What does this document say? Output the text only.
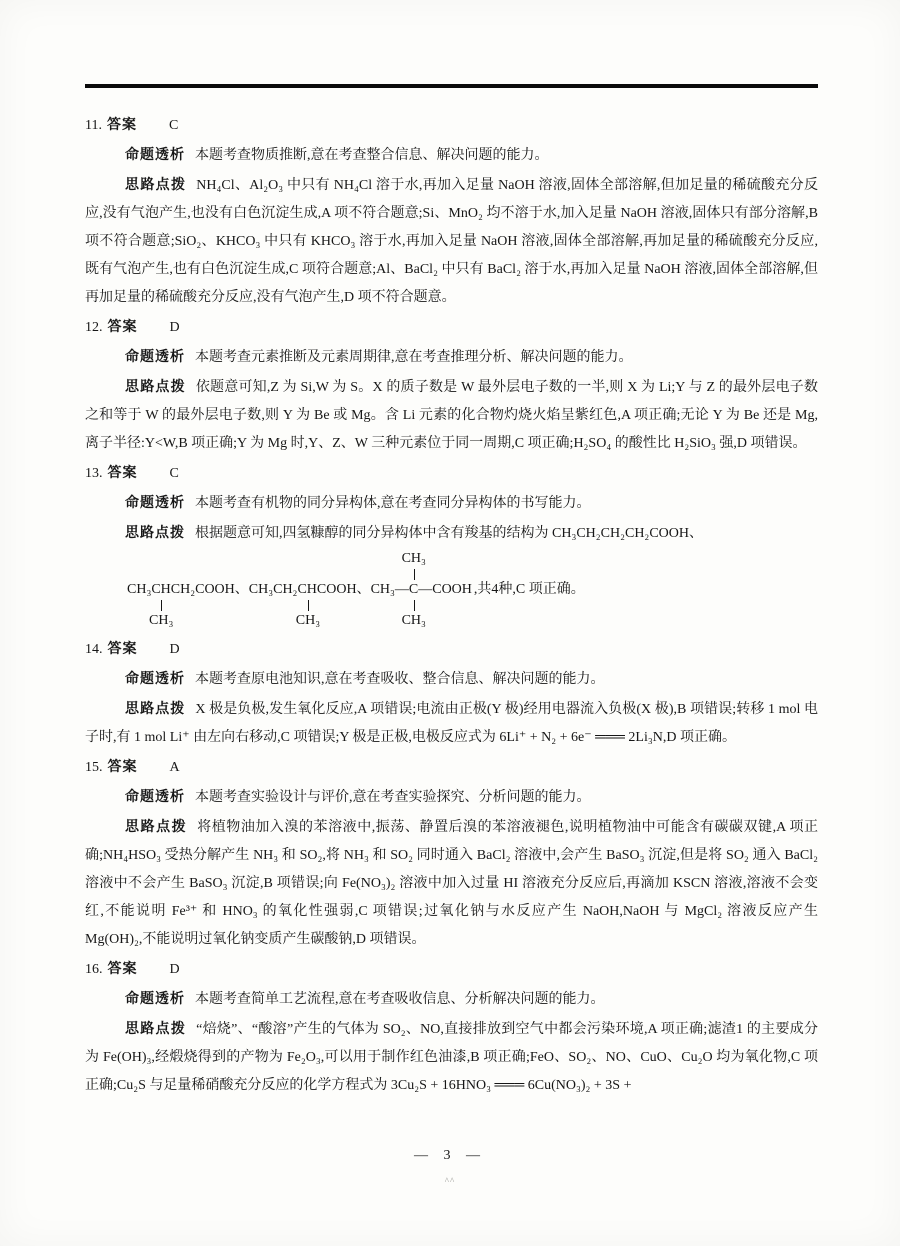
11. 答案 C

命题透析 本题考查物质推断,意在考查整合信息、解决问题的能力。

思路点拨 NH₄Cl、Al₂O₃ 中只有 NH₄Cl 溶于水,再加入足量 NaOH 溶液,固体全部溶解,但加足量的稀硫酸充分反应,没有气泡产生,也没有白色沉淀生成,A 项不符合题意;Si、MnO₂ 均不溶于水,加入足量 NaOH 溶液,固体只有部分溶解,B 项不符合题意;SiO₂、KHCO₃ 中只有 KHCO₃ 溶于水,再加入足量 NaOH 溶液,固体全部溶解,再加足量的稀硫酸充分反应,既有气泡产生,也有白色沉淀生成,C 项符合题意;Al、BaCl₂ 中只有 BaCl₂ 溶于水,再加入足量 NaOH 溶液,固体全部溶解,但再加足量的稀硫酸充分反应,没有气泡产生,D 项不符合题意。

12. 答案 D

命题透析 本题考查元素推断及元素周期律,意在考查推理分析、解决问题的能力。

思路点拨 依题意可知,Z 为 Si,W 为 S。X 的质子数是 W 最外层电子数的一半,则 X 为 Li;Y 与 Z 的最外层电子数之和等于 W 的最外层电子数,则 Y 为 Be 或 Mg。含 Li 元素的化合物灼烧火焰呈紫红色,A 项正确;无论 Y 为 Be 还是 Mg,离子半径:Y<W,B 项正确;Y 为 Mg 时,Y、Z、W 三种元素位于同一周期,C 项正确;H₂SO₄ 的酸性比 H₂SiO₃ 强,D 项错误。

13. 答案 C

命题透析 本题考查有机物的同分异构体,意在考查同分异构体的书写能力。

思路点拨 根据题意可知,四氢糠醇的同分异构体中含有羧基的结构为 CH₃CH₂CH₂CH₂COOH、

CH₃CHCH₂COOH、
CH₃
CH₃CH₂CHCOOH、
CH₃
CH₃
CH₃—C—COOH
CH₃
,共4种,C 项正确。

14. 答案 D

命题透析 本题考查原电池知识,意在考查吸收、整合信息、解决问题的能力。

思路点拨 X 极是负极,发生氧化反应,A 项错误;电流由正极(Y 极)经用电器流入负极(X 极),B 项错误;转移 1 mol 电子时,有 1 mol Li⁺ 由左向右移动,C 项错误;Y 极是正极,电极反应式为 6Li⁺ + N₂ + 6e⁻ ═══ 2Li₃N,D 项正确。

15. 答案 A

命题透析 本题考查实验设计与评价,意在考查实验探究、分析问题的能力。

思路点拨 将植物油加入溴的苯溶液中,振荡、静置后溴的苯溶液褪色,说明植物油中可能含有碳碳双键,A 项正确;NH₄HSO₃ 受热分解产生 NH₃ 和 SO₂,将 NH₃ 和 SO₂ 同时通入 BaCl₂ 溶液中,会产生 BaSO₃ 沉淀,但是将 SO₂ 通入 BaCl₂ 溶液中不会产生 BaSO₃ 沉淀,B 项错误;向 Fe(NO₃)₂ 溶液中加入过量 HI 溶液充分反应后,再滴加 KSCN 溶液,溶液不会变红,不能说明 Fe³⁺ 和 HNO₃ 的氧化性强弱,C 项错误;过氧化钠与水反应产生 NaOH,NaOH 与 MgCl₂ 溶液反应产生 Mg(OH)₂,不能说明过氧化钠变质产生碳酸钠,D 项错误。

16. 答案 D

命题透析 本题考查简单工艺流程,意在考查吸收信息、分析解决问题的能力。

思路点拨 “焙烧”、“酸溶”产生的气体为 SO₂、NO,直接排放到空气中都会污染环境,A 项正确;滤渣1 的主要成分为 Fe(OH)₃,经煅烧得到的产物为 Fe₂O₃,可以用于制作红色油漆,B 项正确;FeO、SO₂、NO、CuO、Cu₂O 均为氧化物,C 项正确;Cu₂S 与足量稀硝酸充分反应的化学方程式为 3Cu₂S + 16HNO₃ ═══ 6Cu(NO₃)₂ + 3S +

— 3 —
^^
